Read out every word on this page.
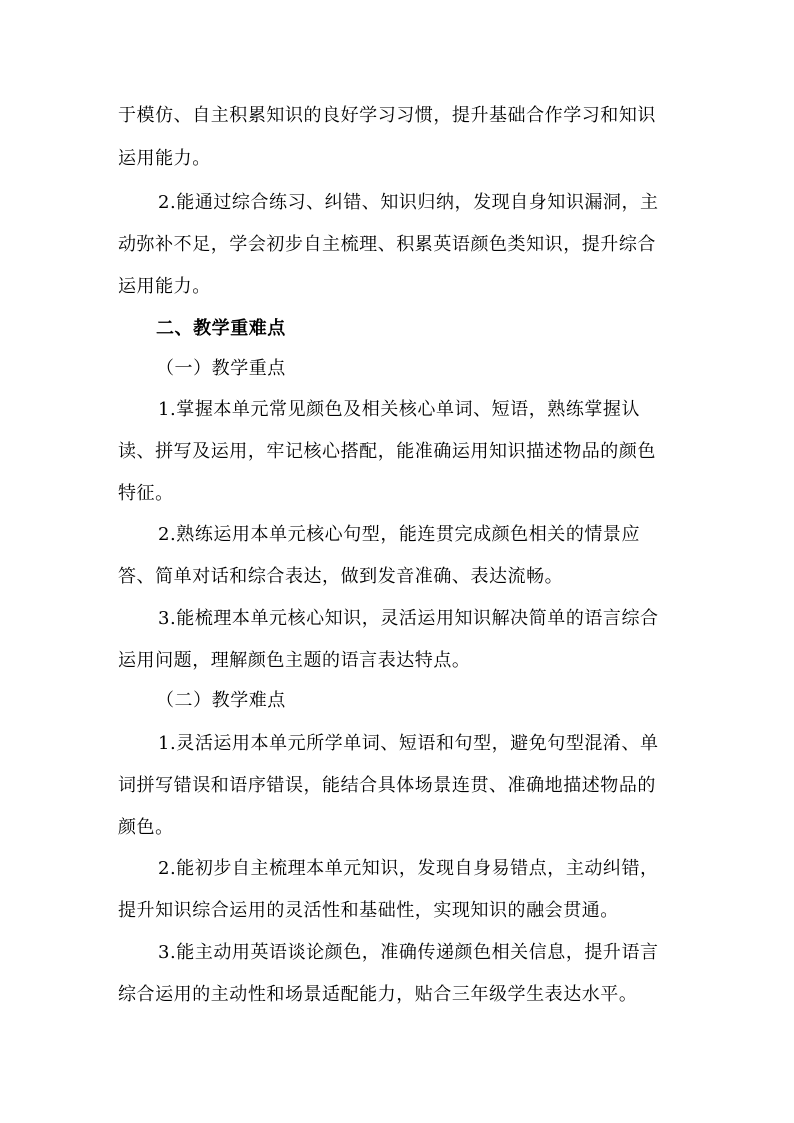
于模仿、自主积累知识的良好学习习惯，提升基础合作学习和知识
运用能力。
2.能通过综合练习、纠错、知识归纳，发现自身知识漏洞，主
动弥补不足，学会初步自主梳理、积累英语颜色类知识，提升综合
运用能力。
二、教学重难点
（一）教学重点
1.掌握本单元常见颜色及相关核心单词、短语，熟练掌握认
读、拼写及运用，牢记核心搭配，能准确运用知识描述物品的颜色
特征。
2.熟练运用本单元核心句型，能连贯完成颜色相关的情景应
答、简单对话和综合表达，做到发音准确、表达流畅。
3.能梳理本单元核心知识，灵活运用知识解决简单的语言综合
运用问题，理解颜色主题的语言表达特点。
（二）教学难点
1.灵活运用本单元所学单词、短语和句型，避免句型混淆、单
词拼写错误和语序错误，能结合具体场景连贯、准确地描述物品的
颜色。
2.能初步自主梳理本单元知识，发现自身易错点，主动纠错，
提升知识综合运用的灵活性和基础性，实现知识的融会贯通。
3.能主动用英语谈论颜色，准确传递颜色相关信息，提升语言
综合运用的主动性和场景适配能力，贴合三年级学生表达水平。
